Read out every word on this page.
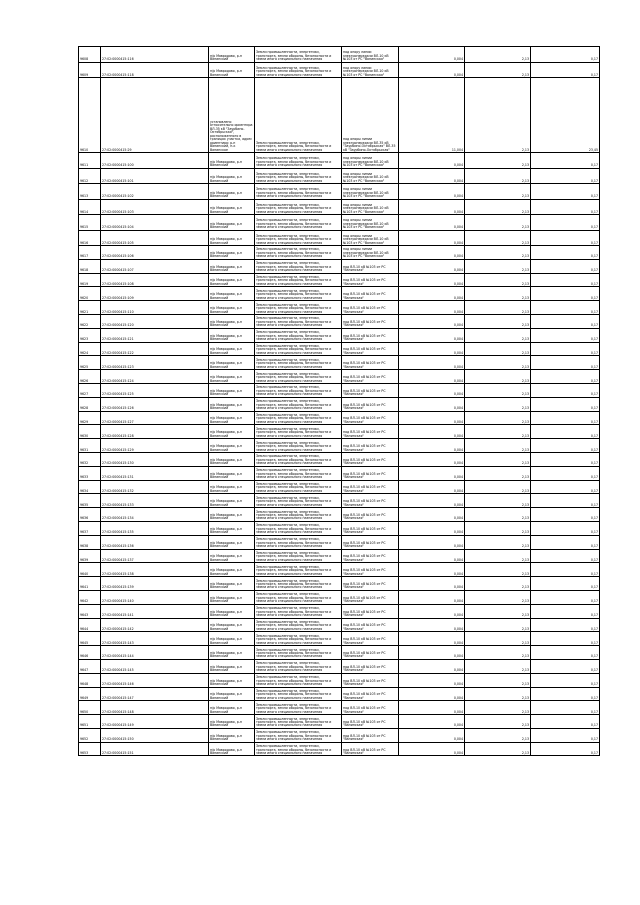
9608	27:02:0000415:116	п/р Мавродово, р-н Ванинский	Земли промышленности, энергетики, транспорта, земли обороны, безопасности и земли иного специального назначения	под опору линии электропередачи ВЛ-10 кВ №103 от РС "Ванинская"	0,004	2,13	0,17
9609	27:02:0000415:118	п/р Мавродово, р-н Ванинский	Земли промышленности, энергетики, транспорта, земли обороны, безопасности и земли иного специального назначения	под опору линии электропередачи ВЛ-10 кВ №103 от РС "Ванинская"	0,004	2,13	0,17
9610	27:02:0000415:29	установлено относительно ориентира ВЛ-35 кВ "Заурбино-Октябрьская", расположенного в границах участка, адрес ориентира: р-н Ванинский, п-к Ванинское	Земли промышленности, энергетики, транспорта, земли обороны, безопасности и земли иного специального назначения	под опоры линии электропередачи ВЛ-35 кВ "Заурбино-Октябрьская" ВЛ-35 кВ "Заурбино-Октябрьская"	11,004	2,13	23,45
9611	27:02:0000415:100	п/р Мавродово, р-н Ванинский	Земли промышленности, энергетики, транспорта, земли обороны, безопасности и земли иного специального назначения	под опоры линии электропередачи ВЛ-10 кВ №103 от РС "Ванинская"	0,004	2,13	0,17
9612	27:02:0000415:101	п/р Мавродово, р-н Ванинский	Земли промышленности, энергетики, транспорта, земли обороны, безопасности и земли иного специального назначения	под опоры линии электропередачи ВЛ-10 кВ №103 от РС "Ванинская"	0,004	2,13	0,17
9613	27:02:0000415:102	п/р Мавродово, р-н Ванинский	Земли промышленности, энергетики, транспорта, земли обороны, безопасности и земли иного специального назначения	под опоры линии электропередачи ВЛ-10 кВ №103 от РС "Ванинская"	0,004	2,13	0,17
9614	27:02:0000415:103	п/р Мавродово, р-н Ванинский	Земли промышленности, энергетики, транспорта, земли обороны, безопасности и земли иного специального назначения	под опоры линии электропередачи ВЛ-10 кВ №103 от РС "Ванинская"	0,004	2,13	0,17
9615	27:02:0000415:104	п/р Мавродово, р-н Ванинский	Земли промышленности, энергетики, транспорта, земли обороны, безопасности и земли иного специального назначения	под опоры линии электропередачи ВЛ-10 кВ №103 от РС "Ванинская"	0,004	2,13	0,17
9616	27:02:0000415:105	п/р Мавродово, р-н Ванинский	Земли промышленности, энергетики, транспорта, земли обороны, безопасности и земли иного специального назначения	под опоры линии электропередачи ВЛ-10 кВ №103 от РС "Ванинская"	0,004	2,13	0,17
9617	27:02:0000415:106	п/р Мавродово, р-н Ванинский	Земли промышленности, энергетики, транспорта, земли обороны, безопасности и земли иного специального назначения	под опоры линии электропередачи ВЛ-10 кВ №103 от РС "Ванинская"	0,004	2,13	0,17
9618	27:02:0000415:107	п/р Мавродово, р-н Ванинский	Земли промышленности, энергетики, транспорта, земли обороны, безопасности и земли иного специального назначения	под ВЛ-10 кВ №103 от РС "Ванинская"	0,004	2,13	0,17
9619	27:02:0000415:108	п/р Мавродово, р-н Ванинский	Земли промышленности, энергетики, транспорта, земли обороны, безопасности и земли иного специального назначения	под ВЛ-10 кВ №103 от РС "Ванинская"	0,004	2,13	0,17
9620	27:02:0000415:109	п/р Мавродово, р-н Ванинский	Земли промышленности, энергетики, транспорта, земли обороны, безопасности и земли иного специального назначения	под ВЛ-10 кВ №103 от РС "Ванинская"	0,004	2,13	0,17
9621	27:02:0000415:110	п/р Мавродово, р-н Ванинский	Земли промышленности, энергетики, транспорта, земли обороны, безопасности и земли иного специального назначения	под ВЛ-10 кВ №103 от РС "Ванинская"	0,004	2,13	0,17
9622	27:02:0000415:120	п/р Мавродово, р-н Ванинский	Земли промышленности, энергетики, транспорта, земли обороны, безопасности и земли иного специального назначения	под ВЛ-10 кВ №103 от РС "Ванинская"	0,004	2,13	0,17
9623	27:02:0000415:121	п/р Мавродово, р-н Ванинский	Земли промышленности, энергетики, транспорта, земли обороны, безопасности и земли иного специального назначения	под ВЛ-10 кВ №103 от РС "Ванинская"	0,004	2,13	0,17
9624	27:02:0000415:122	п/р Мавродово, р-н Ванинский	Земли промышленности, энергетики, транспорта, земли обороны, безопасности и земли иного специального назначения	под ВЛ-10 кВ №103 от РС "Ванинская"	0,004	2,13	0,17
9625	27:02:0000415:123	п/р Мавродово, р-н Ванинский	Земли промышленности, энергетики, транспорта, земли обороны, безопасности и земли иного специального назначения	под ВЛ-10 кВ №103 от РС "Ванинская"	0,004	2,13	0,17
9626	27:02:0000415:124	п/р Мавродово, р-н Ванинский	Земли промышленности, энергетики, транспорта, земли обороны, безопасности и земли иного специального назначения	под ВЛ-10 кВ №103 от РС "Ванинская"	0,004	2,13	0,17
9627	27:02:0000415:125	п/р Мавродово, р-н Ванинский	Земли промышленности, энергетики, транспорта, земли обороны, безопасности и земли иного специального назначения	под ВЛ-10 кВ №103 от РС "Ванинская"	0,004	2,13	0,17
9628	27:02:0000415:126	п/р Мавродово, р-н Ванинский	Земли промышленности, энергетики, транспорта, земли обороны, безопасности и земли иного специального назначения	под ВЛ-10 кВ №103 от РС "Ванинская"	0,004	2,13	0,17
9629	27:02:0000415:127	п/р Мавродово, р-н Ванинский	Земли промышленности, энергетики, транспорта, земли обороны, безопасности и земли иного специального назначения	под ВЛ-10 кВ №103 от РС "Ванинская"	0,004	2,13	0,17
9630	27:02:0000415:128	п/р Мавродово, р-н Ванинский	Земли промышленности, энергетики, транспорта, земли обороны, безопасности и земли иного специального назначения	под ВЛ-10 кВ №103 от РС "Ванинская"	0,004	2,13	0,17
9631	27:02:0000415:129	п/р Мавродово, р-н Ванинский	Земли промышленности, энергетики, транспорта, земли обороны, безопасности и земли иного специального назначения	под ВЛ-10 кВ №103 от РС "Ванинская"	0,004	2,13	0,17
9632	27:02:0000415:130	п/р Мавродово, р-н Ванинский	Земли промышленности, энергетики, транспорта, земли обороны, безопасности и земли иного специального назначения	под ВЛ-10 кВ №103 от РС "Ванинская"	0,004	2,13	0,17
9633	27:02:0000415:131	п/р Мавродово, р-н Ванинский	Земли промышленности, энергетики, транспорта, земли обороны, безопасности и земли иного специального назначения	под ВЛ-10 кВ №103 от РС "Ванинская"	0,004	2,13	0,17
9634	27:02:0000415:132	п/р Мавродово, р-н Ванинский	Земли промышленности, энергетики, транспорта, земли обороны, безопасности и земли иного специального назначения	под ВЛ-10 кВ №103 от РС "Ванинская"	0,004	2,13	0,17
9635	27:02:0000415:133	п/р Мавродово, р-н Ванинский	Земли промышленности, энергетики, транспорта, земли обороны, безопасности и земли иного специального назначения	под ВЛ-10 кВ №103 от РС "Ванинская"	0,004	2,13	0,17
9636	27:02:0000415:134	п/р Мавродово, р-н Ванинский	Земли промышленности, энергетики, транспорта, земли обороны, безопасности и земли иного специального назначения	под ВЛ-10 кВ №103 от РС "Ванинская"	0,004	2,13	0,17
9637	27:02:0000415:135	п/р Мавродово, р-н Ванинский	Земли промышленности, энергетики, транспорта, земли обороны, безопасности и земли иного специального назначения	под ВЛ-10 кВ №103 от РС "Ванинская"	0,004	2,13	0,17
9638	27:02:0000415:136	п/р Мавродово, р-н Ванинский	Земли промышленности, энергетики, транспорта, земли обороны, безопасности и земли иного специального назначения	под ВЛ-10 кВ №103 от РС "Ванинская"	0,004	2,13	0,17
9639	27:02:0000415:137	п/р Мавродово, р-н Ванинский	Земли промышленности, энергетики, транспорта, земли обороны, безопасности и земли иного специального назначения	под ВЛ-10 кВ №103 от РС "Ванинская"	0,004	2,13	0,17
9640	27:02:0000415:138	п/р Мавродово, р-н Ванинский	Земли промышленности, энергетики, транспорта, земли обороны, безопасности и земли иного специального назначения	под ВЛ-10 кВ №103 от РС "Ванинская"	0,004	2,13	0,17
9641	27:02:0000415:139	п/р Мавродово, р-н Ванинский	Земли промышленности, энергетики, транспорта, земли обороны, безопасности и земли иного специального назначения	под ВЛ-10 кВ №103 от РС "Ванинская"	0,004	2,13	0,17
9642	27:02:0000415:140	п/р Мавродово, р-н Ванинский	Земли промышленности, энергетики, транспорта, земли обороны, безопасности и земли иного специального назначения	под ВЛ-10 кВ №103 от РС "Ванинская"	0,004	2,13	0,17
9643	27:02:0000415:141	п/р Мавродово, р-н Ванинский	Земли промышленности, энергетики, транспорта, земли обороны, безопасности и земли иного специального назначения	под ВЛ-10 кВ №103 от РС "Ванинская"	0,004	2,13	0,17
9644	27:02:0000415:142	п/р Мавродово, р-н Ванинский	Земли промышленности, энергетики, транспорта, земли обороны, безопасности и земли иного специального назначения	под ВЛ-10 кВ №103 от РС "Ванинская"	0,004	2,13	0,17
9645	27:02:0000415:143	п/р Мавродово, р-н Ванинский	Земли промышленности, энергетики, транспорта, земли обороны, безопасности и земли иного специального назначения	под ВЛ-10 кВ №103 от РС "Ванинская"	0,004	2,13	0,17
9646	27:02:0000415:144	п/р Мавродово, р-н Ванинский	Земли промышленности, энергетики, транспорта, земли обороны, безопасности и земли иного специального назначения	под ВЛ-10 кВ №103 от РС "Ванинская"	0,004	2,13	0,17
9647	27:02:0000415:145	п/р Мавродово, р-н Ванинский	Земли промышленности, энергетики, транспорта, земли обороны, безопасности и земли иного специального назначения	под ВЛ-10 кВ №103 от РС "Ванинская"	0,004	2,13	0,17
9648	27:02:0000415:146	п/р Мавродово, р-н Ванинский	Земли промышленности, энергетики, транспорта, земли обороны, безопасности и земли иного специального назначения	под ВЛ-10 кВ №103 от РС "Ванинская"	0,004	2,13	0,17
9649	27:02:0000415:147	п/р Мавродово, р-н Ванинский	Земли промышленности, энергетики, транспорта, земли обороны, безопасности и земли иного специального назначения	под ВЛ-10 кВ №103 от РС "Ванинская"	0,004	2,13	0,17
9650	27:02:0000415:148	п/р Мавродово, р-н Ванинский	Земли промышленности, энергетики, транспорта, земли обороны, безопасности и земли иного специального назначения	под ВЛ-10 кВ №103 от РС "Ванинская"	0,004	2,13	0,17
9651	27:02:0000415:149	п/р Мавродово, р-н Ванинский	Земли промышленности, энергетики, транспорта, земли обороны, безопасности и земли иного специального назначения	под ВЛ-10 кВ №103 от РС "Ванинская"	0,004	2,13	0,17
9652	27:02:0000415:150	п/р Мавродово, р-н Ванинский	Земли промышленности, энергетики, транспорта, земли обороны, безопасности и земли иного специального назначения	под ВЛ-10 кВ №103 от РС "Ванинская"	0,004	2,13	0,17
9653	27:02:0000415:151	п/р Мавродово, р-н Ванинский	Земли промышленности, энергетики, транспорта, земли обороны, безопасности и земли иного специального назначения	под ВЛ-10 кВ №103 от РС "Ванинская"	0,004	2,13	0,17
